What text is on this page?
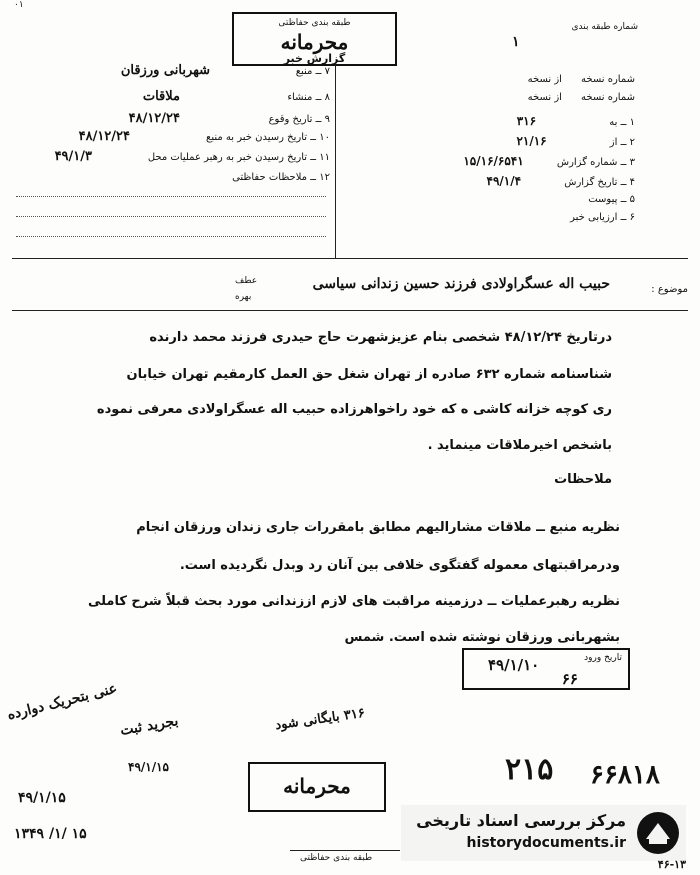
۰۱
شماره طبقه بندی
طبقه بندی حفاظتی
محرمانه
گزارش خبر
۱
۷ ــ منبع
شهربانی ورزقان
۸ ــ منشاء
ملاقات
۹ ــ تاریخ وقوع
۴۸/۱۲/۲۴
۱۰ ــ تاریخ رسیدن خبر به منبع
۴۸/۱۲/۲۴
۱۱ ــ تاریخ رسیدن خبر به رهبر عملیات محل
۴۹/۱/۳
۱۲ ــ ملاحظات حفاظتی
شماره نسخه      از نسخه
شماره نسخه      از نسخه
۱ ــ به ۳۱۶
۲ ــ از ۲۱/۱۶
۳ ــ شماره گزارش ۱۵/۱۶/۶۵۴۱
۴ ــ تاریخ گزارش ۴۹/۱/۴
۵ ــ پیوست
۶ ــ ارزیابی خبر
موضوع :
حبیب اله عسگراولادی فرزند حسین زندانی سیاسی
عطف
بهره
درتاریخ ۴۸/۱۲/۲۴ شخصی بنام عزیزشهرت حاج حیدری فرزند محمد دارنده
شناسنامه شماره ۶۳۲ صادره از تهران شغل حق العمل کارمقیم تهران خیابان
ری کوچه خزانه کاشی ه که خود راخواهرزاده حبیب اله عسگراولادی معرفی نموده
باشخص اخیرملاقات مینماید .
ملاحظات
نظریه منبع ــ ملاقات مشارالیهم مطابق بامقررات جاری زندان ورزقان انجام
ودرمراقبتهای معموله گفتگوی خلافی بین آنان رد وبدل نگردیده است.
نظریه رهبرعملیات ــ درزمینه مراقبت های لازم اززندانی مورد بحث قبلاً شرح کاملی
بشهربانی ورزقان نوشته شده است. شمس
تاریخ ورود
۴۹/۱/۱۰
۶۶
عنی بتحریک دوارده
۴۹/۱/۱۵
بجرید ثبت
۴۹/۱/۱۵
۳۱۶ بایگانی شود
۶۶۸۱۸
۲۱۵
۱۳۴۹ /۱/ ۱۵
محرمانه
طبقه بندی حفاظتی
مرکز بررسی اسناد تاریخی
historydocuments.ir
۴۶-۱۳
